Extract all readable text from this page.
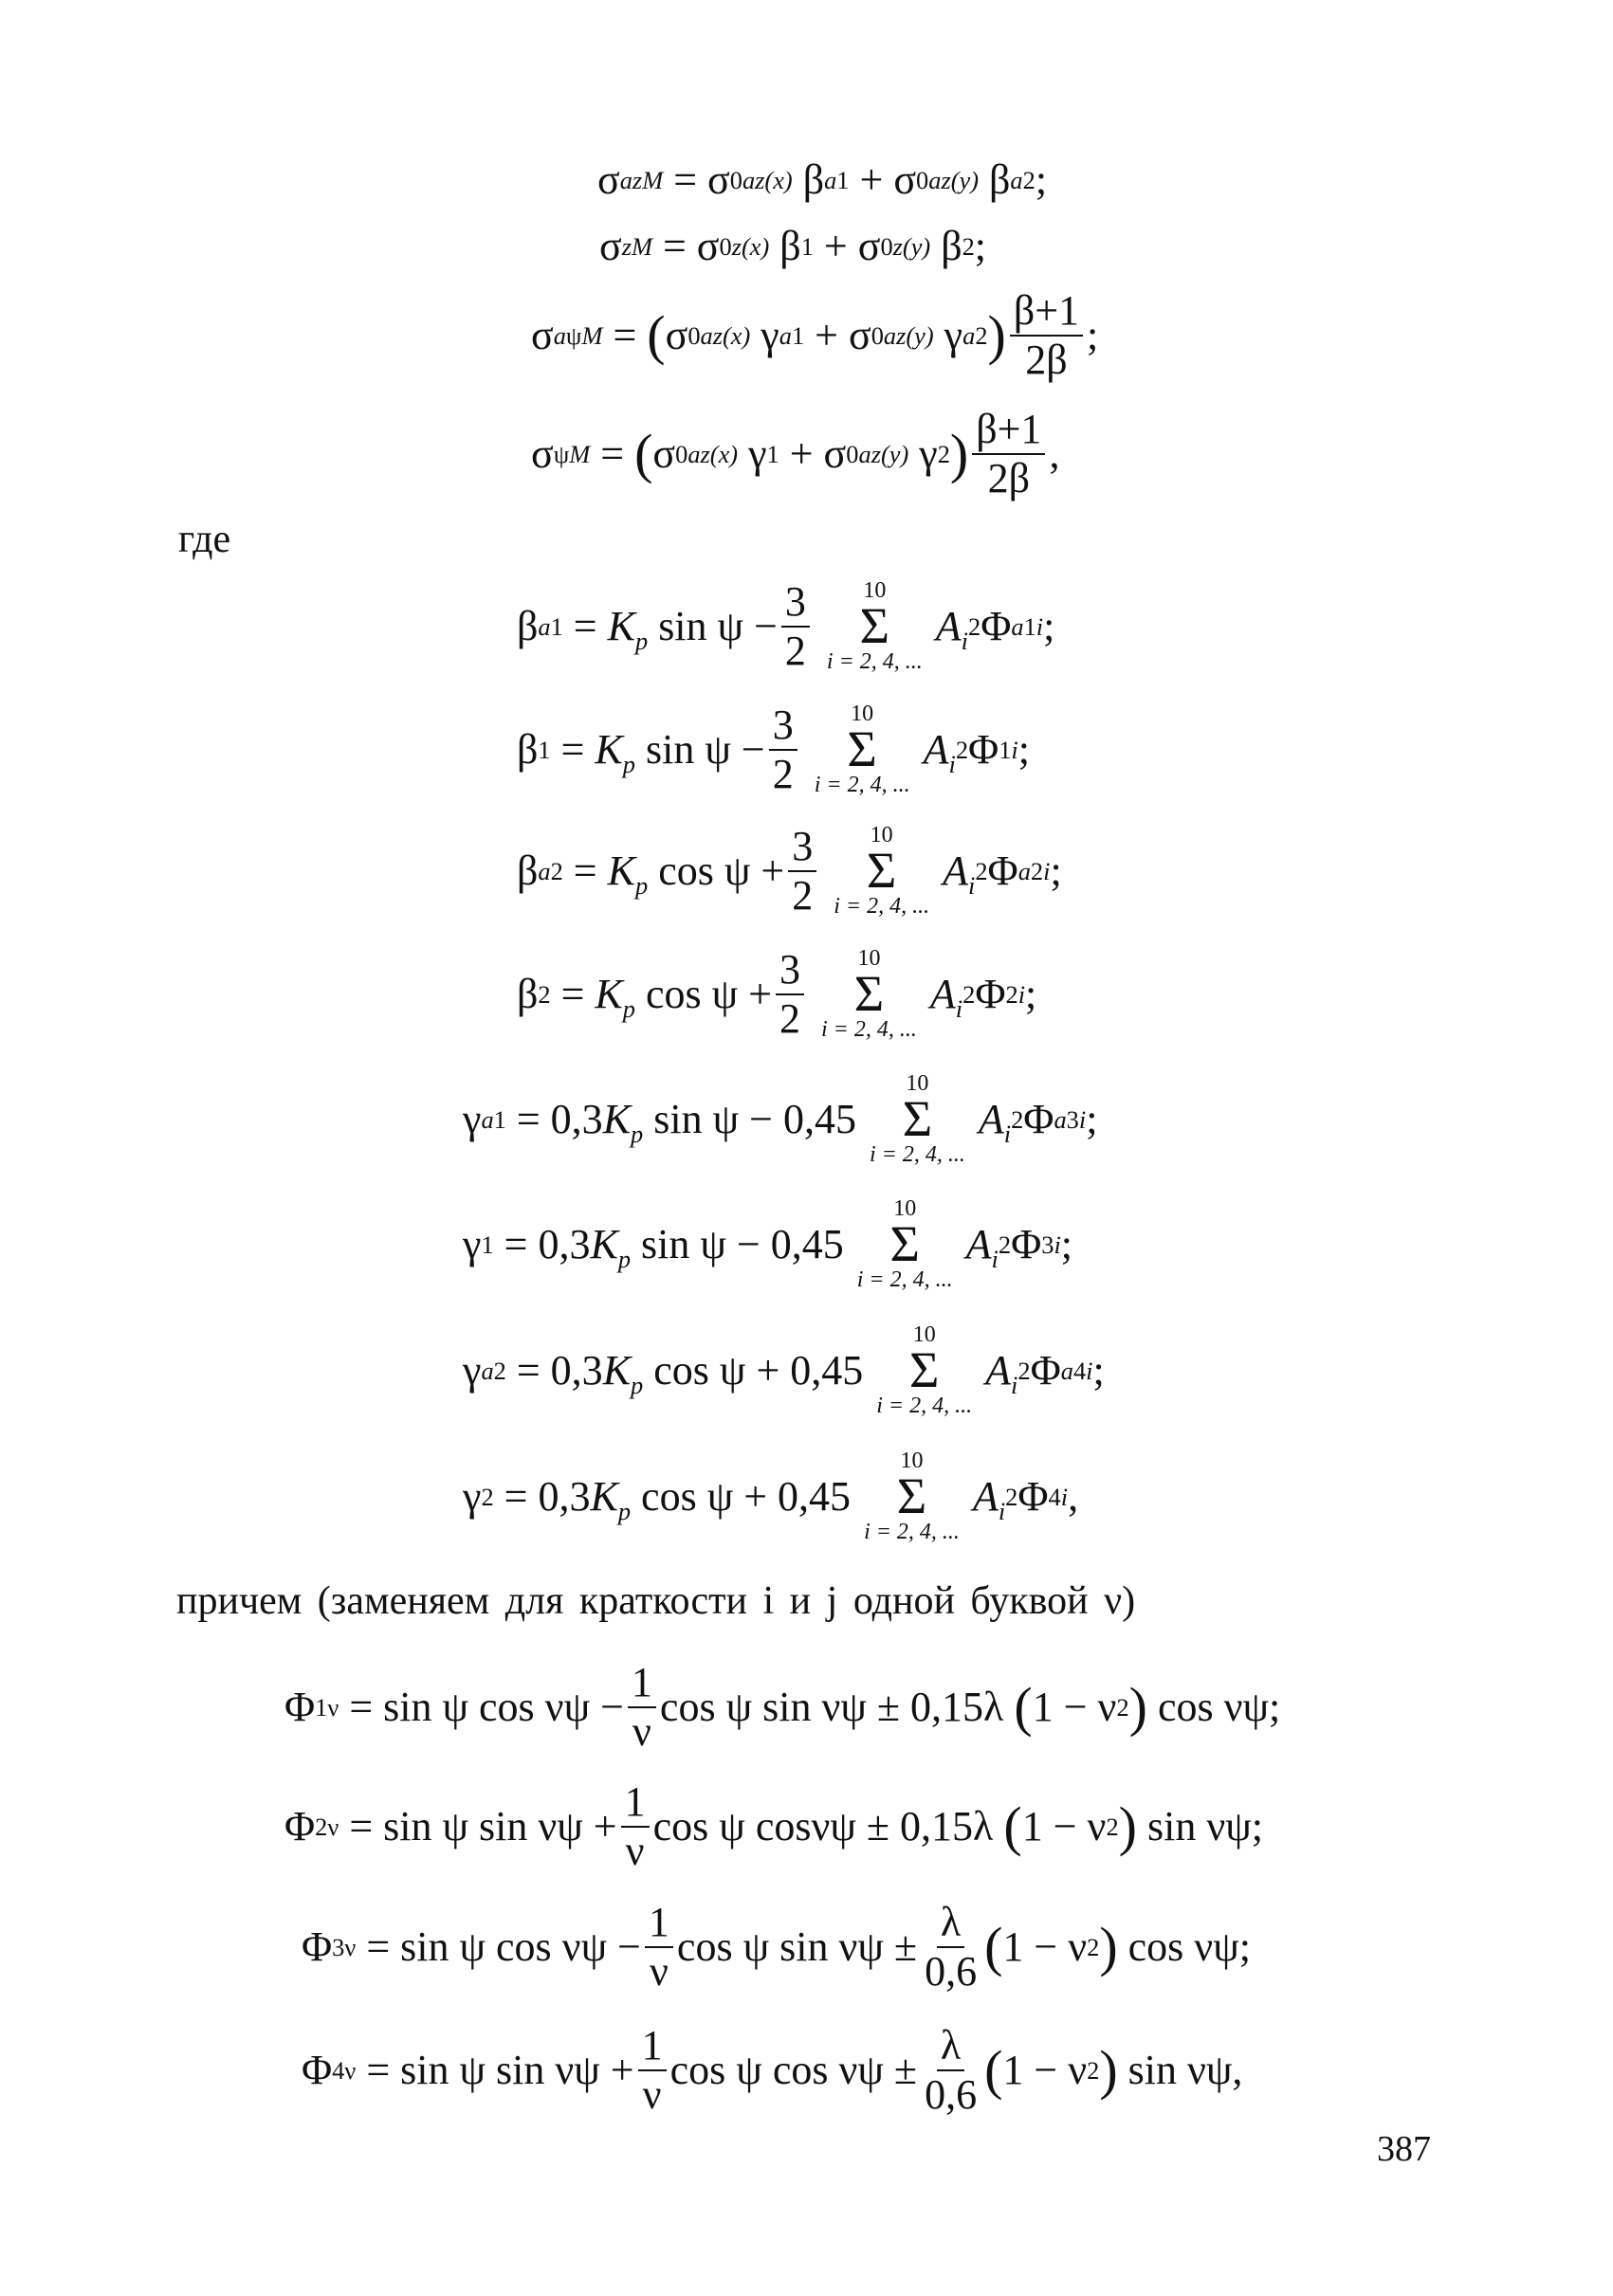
σ a zM = σ 0a z(x) β a 1 + σ 0a z(y) β a 2 ;
σ zM = σ 0 z(x) β 1 + σ 0 z(y) β 2 ;
σ a ψM = ( σ 0a z(x) γ a 1 + σ 0a z(y) γ a 2 ) $\frac{\beta+1}{2\beta}$ ;
σ ψM = ( σ 0a z(x) γ 1 + σ 0a z(y) γ 2 ) $\frac{\beta+1}{2\beta}$ ,
где
β a $1 = K_p$ $\sin \psi - \frac{3}{2} 10$
Σ
i = 2, 4, ...
$A_i$ 2 Φ a 1i ;
β $1 = K_p$ $\sin \psi - \frac{3}{2} 10$
Σ
i = 2, 4, ...
$A_i$ 2 Φ 1i ;
β a $2 = K_p$ $\cos \psi + \frac{3}{2} 10$
Σ
i = 2, 4, ...
$A_i$ 2 Φ a 2i ;
β $2 = K_p$ $\cos \psi + \frac{3}{2} 10$
Σ
i = 2, 4, ...
$A_i$ 2 Φ 2i ;
γ a 1 = 0,3 $K_p$ sin ψ − 0,45
10
Σ
i = 2, 4, ...
$A_i$ 2 Φ a 3i ;
γ 1 = 0,3 $K_p$ sin ψ − 0,45
10
Σ
i = 2, 4, ...
$A_i$ 2 Φ 3i ;
γ a 2 = 0,3 $K_p$ cos ψ + 0,45
10
Σ
i = 2, 4, ...
$A_i$ 2 Φ a 4i ;
γ 2 = 0,3 $K_p$ cos ψ + 0,45
10
Σ
i = 2, 4, ...
$A_i$ 2 Φ 4i ,
причем (заменяем для краткости i и j одной буквой ν)
Φ 1ν = sin ψ $\cos \nu\psi - \frac{1}{\nu}$ cos ψ sin νψ ± 0,15λ ( 1 − ν 2 ) cos νψ;
Φ 2ν = sin ψ $\sin \nu\psi + \frac{1}{\nu}$ cos ψ cosνψ ± 0,15λ ( 1 − ν 2 ) sin νψ;
Φ 3ν = sin ψ $\cos \nu\psi - \frac{1}{\nu}$ cos ψ $\sin \nu\psi \pm \frac{\lambda}{0,6}$ ( 1 − ν 2 ) cos νψ;
Φ 4ν = sin ψ $\sin \nu\psi + \frac{1}{\nu}$ cos ψ $\cos \nu\psi \pm \frac{\lambda}{0,6}$ ( 1 − ν 2 ) sin νψ,
387
